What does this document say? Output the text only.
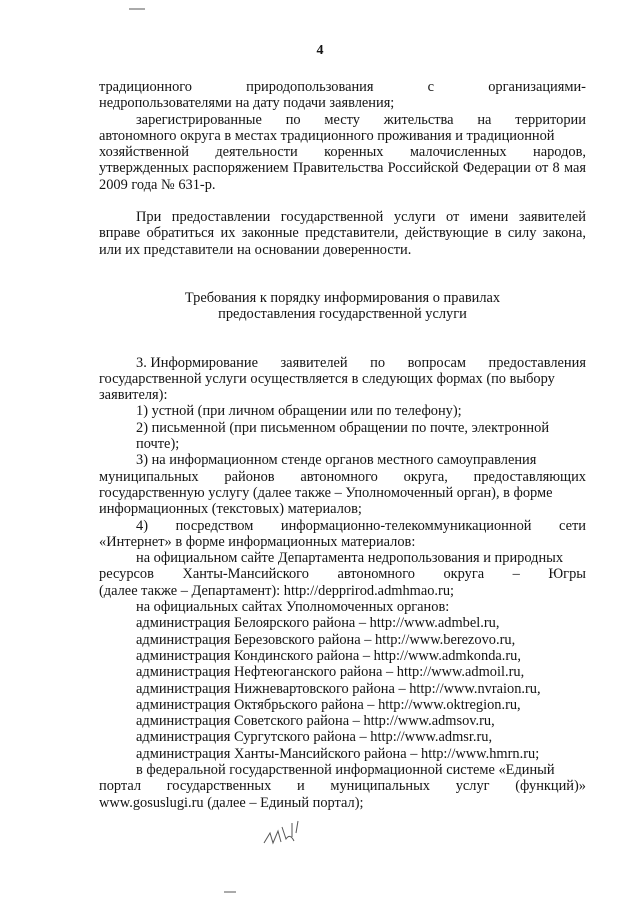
4

традиционного	природопользования	с	организациями-
недропользователями на дату подачи заявления;

зарегистрированные по месту жительства на территории
автономного округа в местах традиционного проживания и традиционной
хозяйственной деятельности коренных малочисленных народов,
утвержденных распоряжением Правительства Российской Федерации от 8 мая 2009 года № 631-р.

При предоставлении государственной услуги от имени заявителей вправе обратиться их законные представители, действующие в силу закона, или их представители на основании доверенности.

Требования к порядку информирования о правилах
предоставления государственной услуги

3. Информирование заявителей по вопросам предоставления
государственной услуги осуществляется в следующих формах (по выбору
заявителя):

1) устной (при личном обращении или по телефону);

2) письменной (при письменном обращении по почте, электронной
почте);

3) на информационном стенде органов местного самоуправления
муниципальных районов автономного округа, предоставляющих
государственную услугу (далее также – Уполномоченный орган), в форме
информационных (текстовых) материалов;

4) посредством информационно-телекоммуникационной сети
«Интернет» в форме информационных материалов:

на официальном сайте Департамента недропользования и природных
ресурсов Ханты-Мансийского автономного округа – Югры
(далее также – Департамент): http://depprirod.admhmao.ru;

на официальных сайтах Уполномоченных органов:
администрация Белоярского района – http://www.admbel.ru,
администрация Березовского района – http://www.berezovo.ru,
администрация Кондинского района – http://www.admkonda.ru,
администрация Нефтеюганского района – http://www.admoil.ru,
администрация Нижневартовского района – http://www.nvraion.ru,
администрация Октябрьского района – http://www.oktregion.ru,
администрация Советского района – http://www.admsov.ru,
администрация Сургутского района – http://www.admsr.ru,
администрация Ханты-Мансийского района – http://www.hmrn.ru;

в федеральной государственной информационной системе «Единый
портал государственных и муниципальных услуг (функций)»
www.gosuslugi.ru (далее – Единый портал);
